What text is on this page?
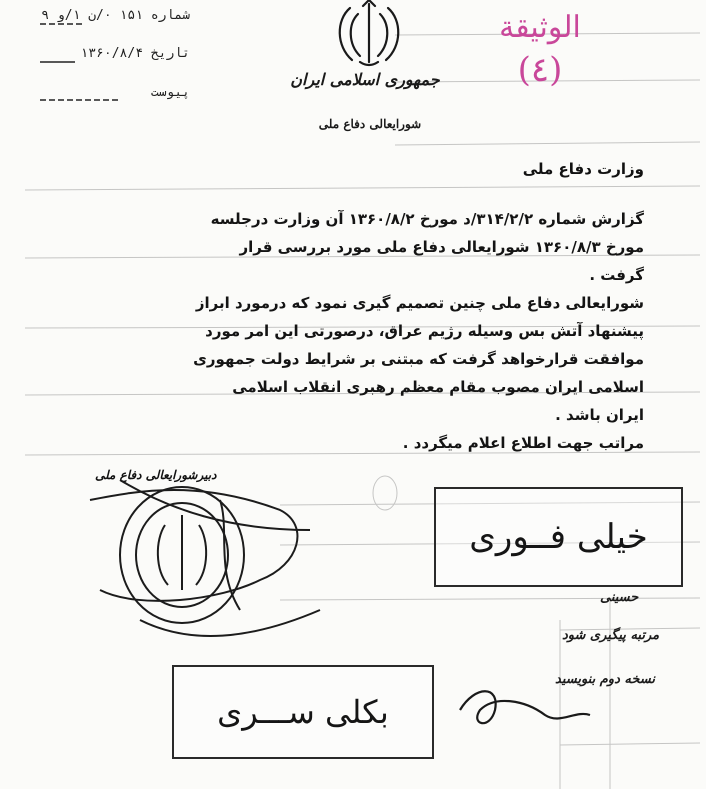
الوثيقة
(٤)
شماره ۱۵۱ ۰/ن ۱/و ۹
تاریخ ۱۳۶۰/۸/۴
پیوست
جمهوری اسلامی ایران
شورایعالی دفاع ملی
وزارت دفاع ملی
گزارش شماره ۳۱۴/۲/۲/د مورخ ۱۳۶۰/۸/۲ آن وزارت درجلسه
مورخ ۱۳۶۰/۸/۳ شورایعالی دفاع ملی مورد بررسی قرار
گرفت .
شورایعالی دفاع ملی چنین تصمیم گیری نمود که درمورد ابراز
پیشنهاد آتش بس وسیله رژیم عراق، درصورتی این امر مورد
موافقت قرارخواهد گرفت که مبتنی بر شرایط دولت جمهوری
اسلامی ایران مصوب مقام معظم رهبری انقلاب اسلامی
ایران باشد .
مراتب جهت اطلاع اعلام میگردد .
دبیرشورایعالی دفاع ملی
خیلی فــوری
بکلی ســـری
حسینی
مرتبه پیگیری شود
نسخه دوم بنویسید
